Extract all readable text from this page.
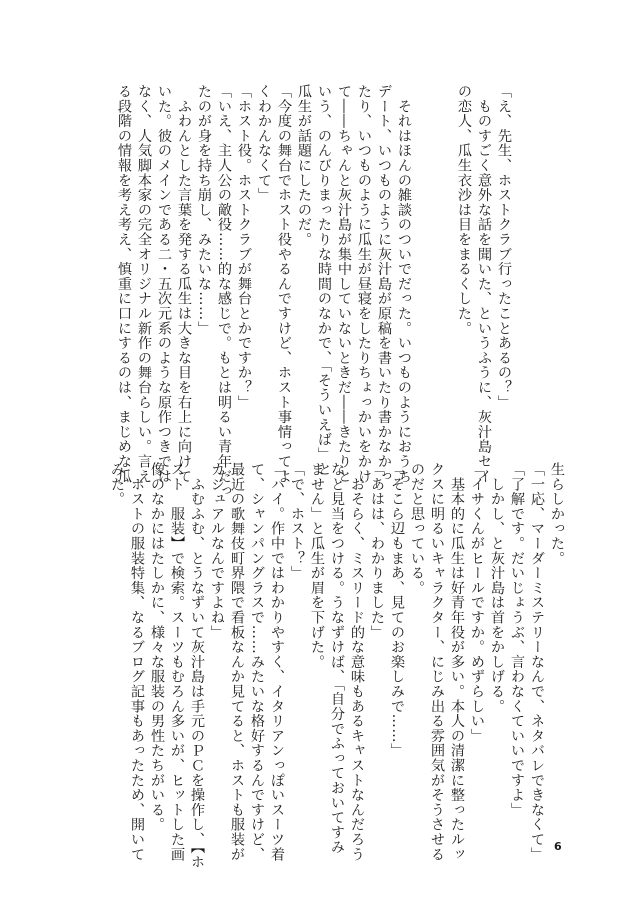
「え、先生、ホストクラブ行ったことあるの？」
　ものすごく意外な話を聞いた、というふうに、灰汁島セイ
の恋人、瓜生衣沙は目をまるくした。

　それはほんの雑談のついでだった。いつものようにおうち
デート、いつものように灰汁島が原稿を書いたり書かなかっ
たり、いつものように瓜生が昼寝をしたりちょっかいをかけ
て――ちゃんと灰汁島が集中していないときだ――きたりと
いう、のんびりまったりな時間のなかで、「そういえば」と
瓜生が話題にしたのだ。
「今度の舞台でホスト役やるんですけど、ホスト事情ってよ
くわかんなくて」
「ホスト役。ホストクラブが舞台とかですか？」
「いえ、主人公の敵役……的な感じで。もとは明るい青年だっ
たのが身を持ち崩し、みたいな……」
　ふわんとした言葉を発する瓜生は大きな目を右上に向けて
いた。彼のメインである二・五次元系のような原作つきでは
なく、人気脚本家の完全オリジナル新作の舞台らしい。言え
る段階の情報を考え考え、慎重に口にするのは、まじめな瓜
生らしかった。
「一応、マーダーミステリーなんで、ネタバレできなくて」
「了解です。だいじょうぶ、言わなくていいですよ」
　しかし、と灰汁島は首をかしげる。
「イサくんがヒールですか。めずらしい」
　基本的に瓜生は好青年役が多い。本人の清潔に整ったルッ
クスに明るいキャラクター、にじみ出る雰囲気がそうさせる
のだと思っている。
「そこら辺もまあ、見てのお楽しみで……」
「あはは、わかりました」
　おそらく、ミスリード的な意味もあるキャストなんだろう
なと見当をつける。うなずけば、「自分でふっておいてすみ
ません」と瓜生が眉を下げた。
「で、ホスト？」
「ハイ。作中ではわかりやすく、イタリアンっぽいスーツ着
て、シャンパングラスで……みたいな格好するんですけど、
最近の歌舞伎町界隈で看板なんか見てると、ホストも服装が
カジュアルなんですよね」
　ふむふむ、とうなずいて灰汁島は手元のＰＣを操作し、【ホ
スト　服装】で検索。スーツもむろん多いが、ヒットした画
像のなかにはたしかに、様々な服装の男性たちがいる。
　ホストの服装特集、なるブログ記事もあったため、開いて
みた。
6
